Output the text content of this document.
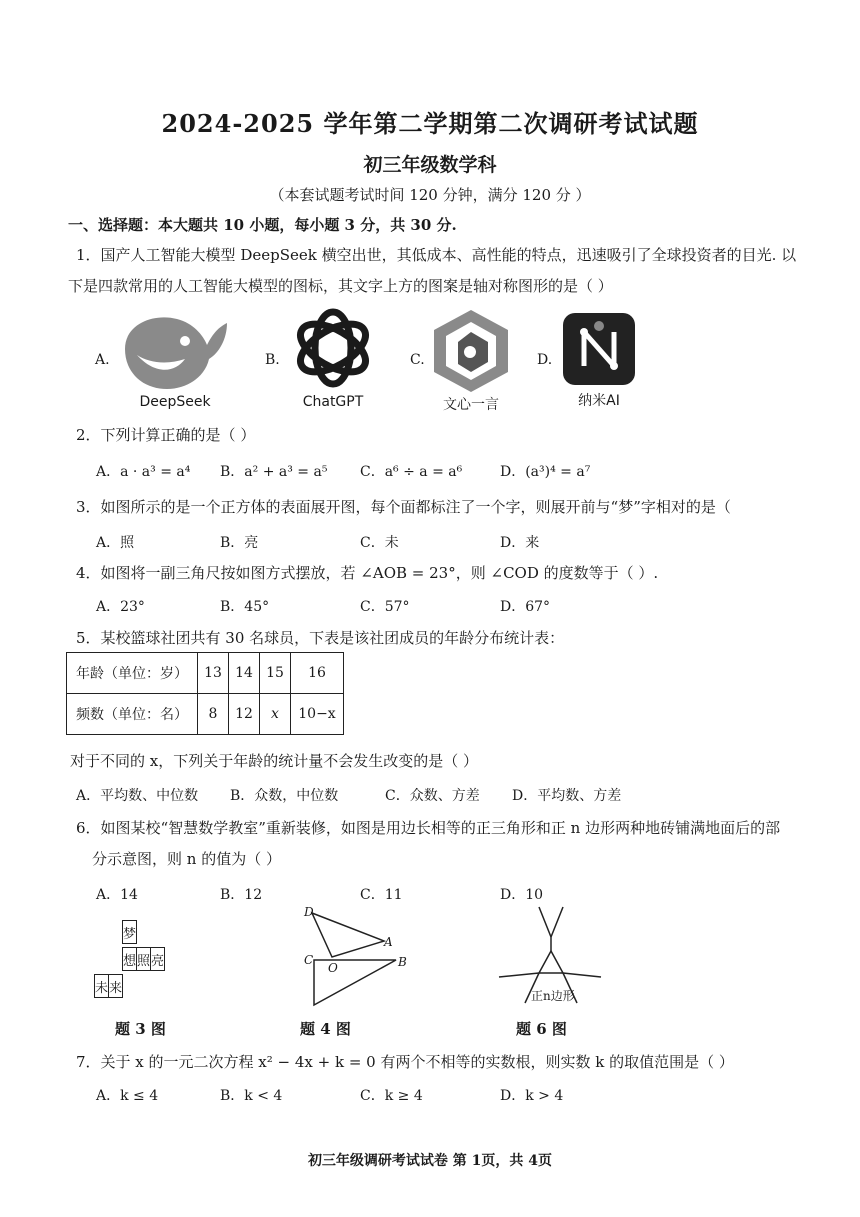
2024-2025 学年第二学期第二次调研考试试题
初三年级数学科
（本套试题考试时间 120 分钟，满分 120 分 ）
一、选择题：本大题共 10 小题，每小题 3 分，共 30 分.
1．国产人工智能大模型 DeepSeek 横空出世，其低成本、高性能的特点，迅速吸引了全球投资者的目光. 以
下是四款常用的人工智能大模型的图标，其文字上方的图案是轴对称图形的是（ ）
A.
DeepSeek
B.
ChatGPT
C.
文心一言
D.
纳米AI
2．下列计算正确的是（ ）
A．a · a³ = a⁴ B．a² + a³ = a⁵ C．a⁶ ÷ a = a⁶	D．(a³)⁴ = a⁷
3．如图所示的是一个正方体的表面展开图，每个面都标注了一个字，则展开前与“梦”字相对的是（
A．照	B．亮	C．未	D．来
4．如图将一副三角尺按如图方式摆放，若 ∠AOB = 23°，则 ∠COD 的度数等于（ ）.
A．23°	B．45°	C．57°	D．67°
5．某校篮球社团共有 30 名球员，下表是该社团成员的年龄分布统计表：
年龄（单位：岁）	13	14	15	16
频数（单位：名）	8	12	x	10−x
对于不同的 x，下列关于年龄的统计量不会发生改变的是（ ）
A．平均数、中位数 B．众数，中位数	C．众数、方差 D．平均数、方差
6．如图某校“智慧数学教室”重新装修，如图是用边长相等的正三角形和正 n 边形两种地砖铺满地面后的部
分示意图，则 n 的值为（ ）
A．14	B．12	C．11	D．10
梦
想	照	亮
未	来
题 3 图
D
A
C
O	B
题 4 图
正n边形
题 6 图
7．关于 x 的一元二次方程 x² − 4x + k = 0 有两个不相等的实数根，则实数 k 的取值范围是（ ）
A．k ≤ 4	B．k < 4	C．k ≥ 4	D．k > 4
初三年级调研考试试卷 第 1页，共 4页
